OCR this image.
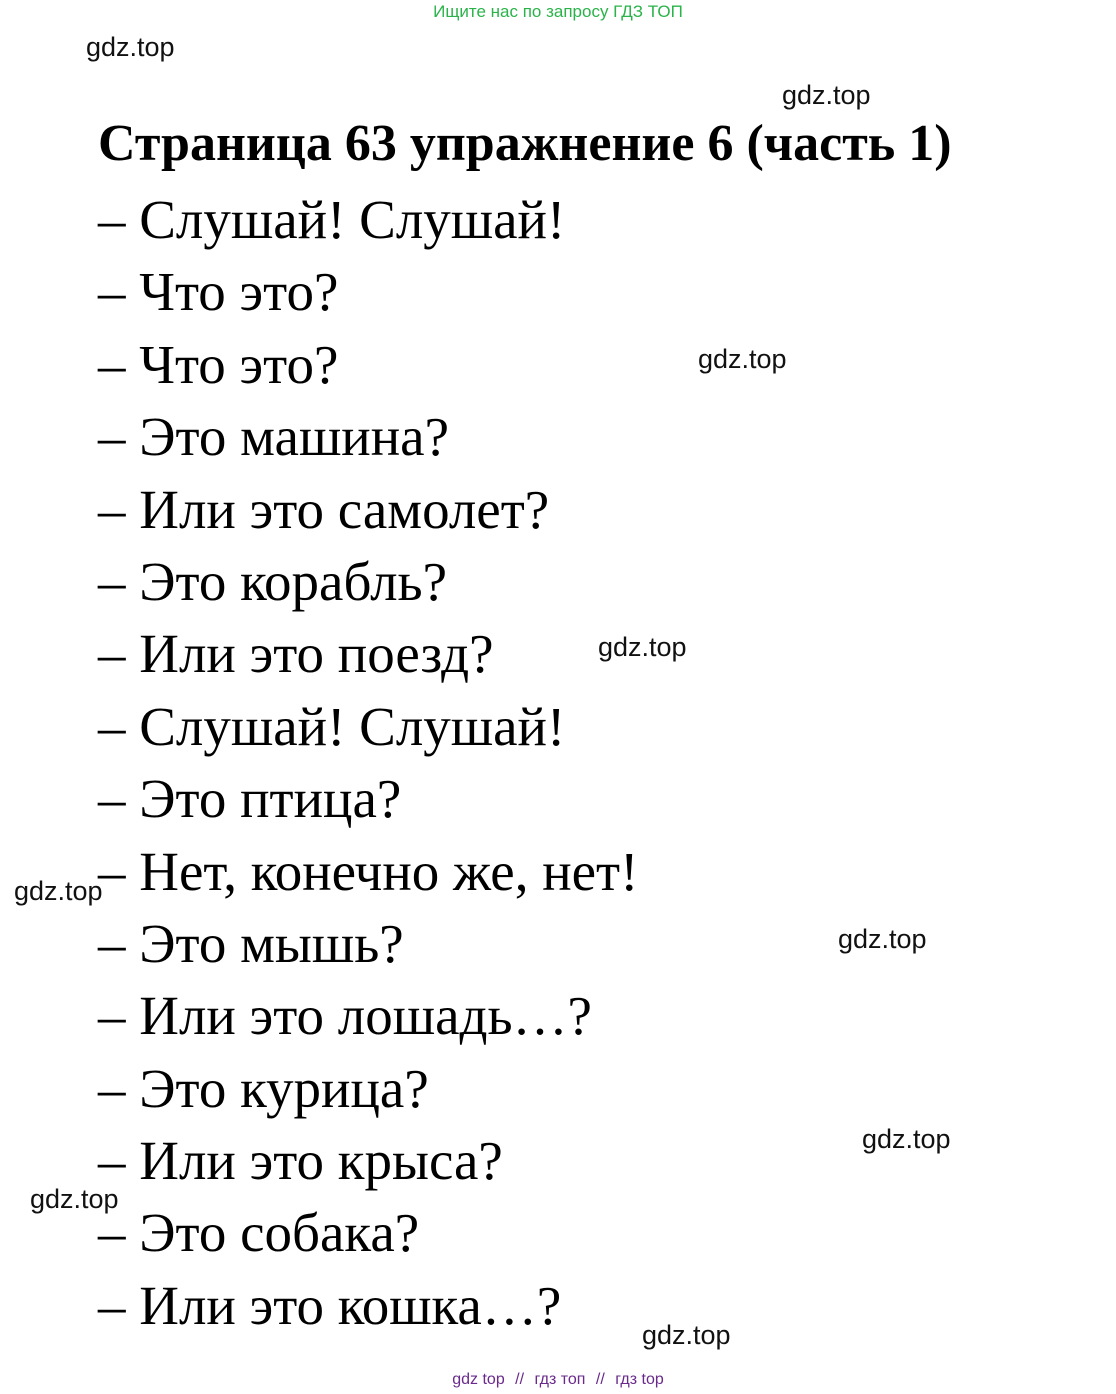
Ищите нас по запросу ГДЗ ТОП
gdz.top
gdz.top
Страница 63 упражнение 6 (часть 1)
– Слушай! Слушай!
– Что это?
– Что это?
– Это машина?
– Или это самолет?
– Это корабль?
– Или это поезд?
– Слушай! Слушай!
– Это птица?
– Нет, конечно же, нет!
– Это мышь?
– Или это лошадь…?
– Это курица?
– Или это крыса?
– Это собака?
– Или это кошка…?
gdz.top
gdz.top
gdz.top
gdz.top
gdz.top
gdz.top
gdz.top
gdz top // гдз топ // гдз top
